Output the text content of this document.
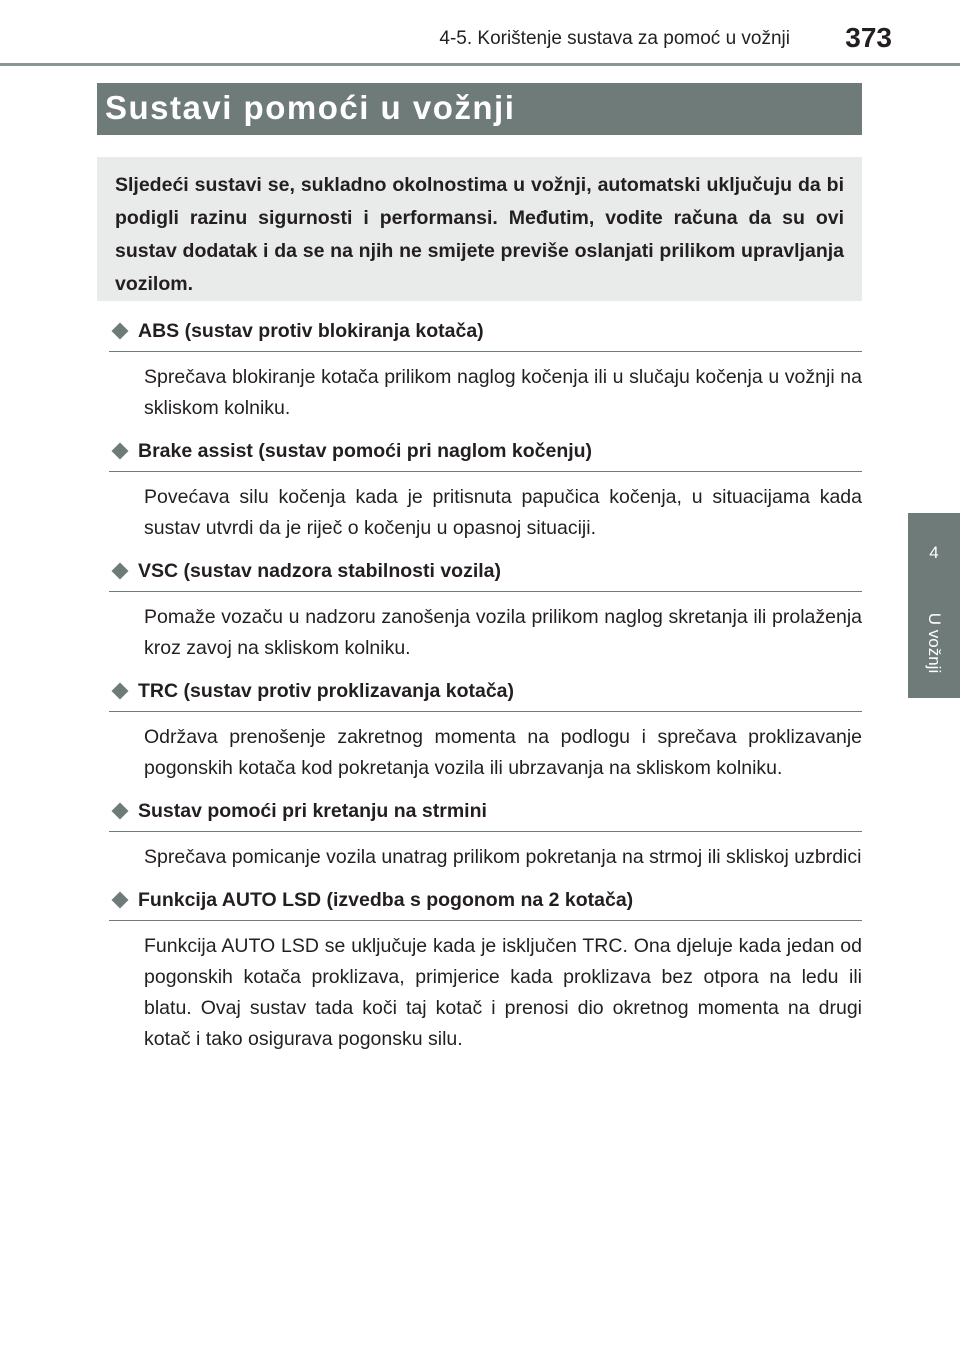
4-5. Korištenje sustava za pomoć u vožnji 373
4
U vožnji
Sustavi pomoći u vožnji
Sljedeći sustavi se, sukladno okolnostima u vožnji, automatski uključuju da bi podigli razinu sigurnosti i performansi. Međutim, vodite računa da su ovi sustav dodatak i da se na njih ne smijete previše oslanjati prilikom upravljanja vozilom.
ABS (sustav protiv blokiranja kotača)
Sprečava blokiranje kotača prilikom naglog kočenja ili u slučaju kočenja u vožnji na skliskom kolniku.
Brake assist (sustav pomoći pri naglom kočenju)
Povećava silu kočenja kada je pritisnuta papučica kočenja, u situacijama kada sustav utvrdi da je riječ o kočenju u opasnoj situaciji.
VSC (sustav nadzora stabilnosti vozila)
Pomaže vozaču u nadzoru zanošenja vozila prilikom naglog skretanja ili prolaženja kroz zavoj na skliskom kolniku.
TRC (sustav protiv proklizavanja kotača)
Održava prenošenje zakretnog momenta na podlogu i sprečava proklizavanje pogonskih kotača kod pokretanja vozila ili ubrzavanja na skliskom kolniku.
Sustav pomoći pri kretanju na strmini
Sprečava pomicanje vozila unatrag prilikom pokretanja na strmoj ili skliskoj uzbrdici
Funkcija AUTO LSD (izvedba s pogonom na 2 kotača)
Funkcija AUTO LSD se uključuje kada je isključen TRC. Ona djeluje kada jedan od pogonskih kotača proklizava, primjerice kada proklizava bez otpora na ledu ili blatu. Ovaj sustav tada koči taj kotač i prenosi dio okretnog momenta na drugi kotač i tako osigurava pogonsku silu.
